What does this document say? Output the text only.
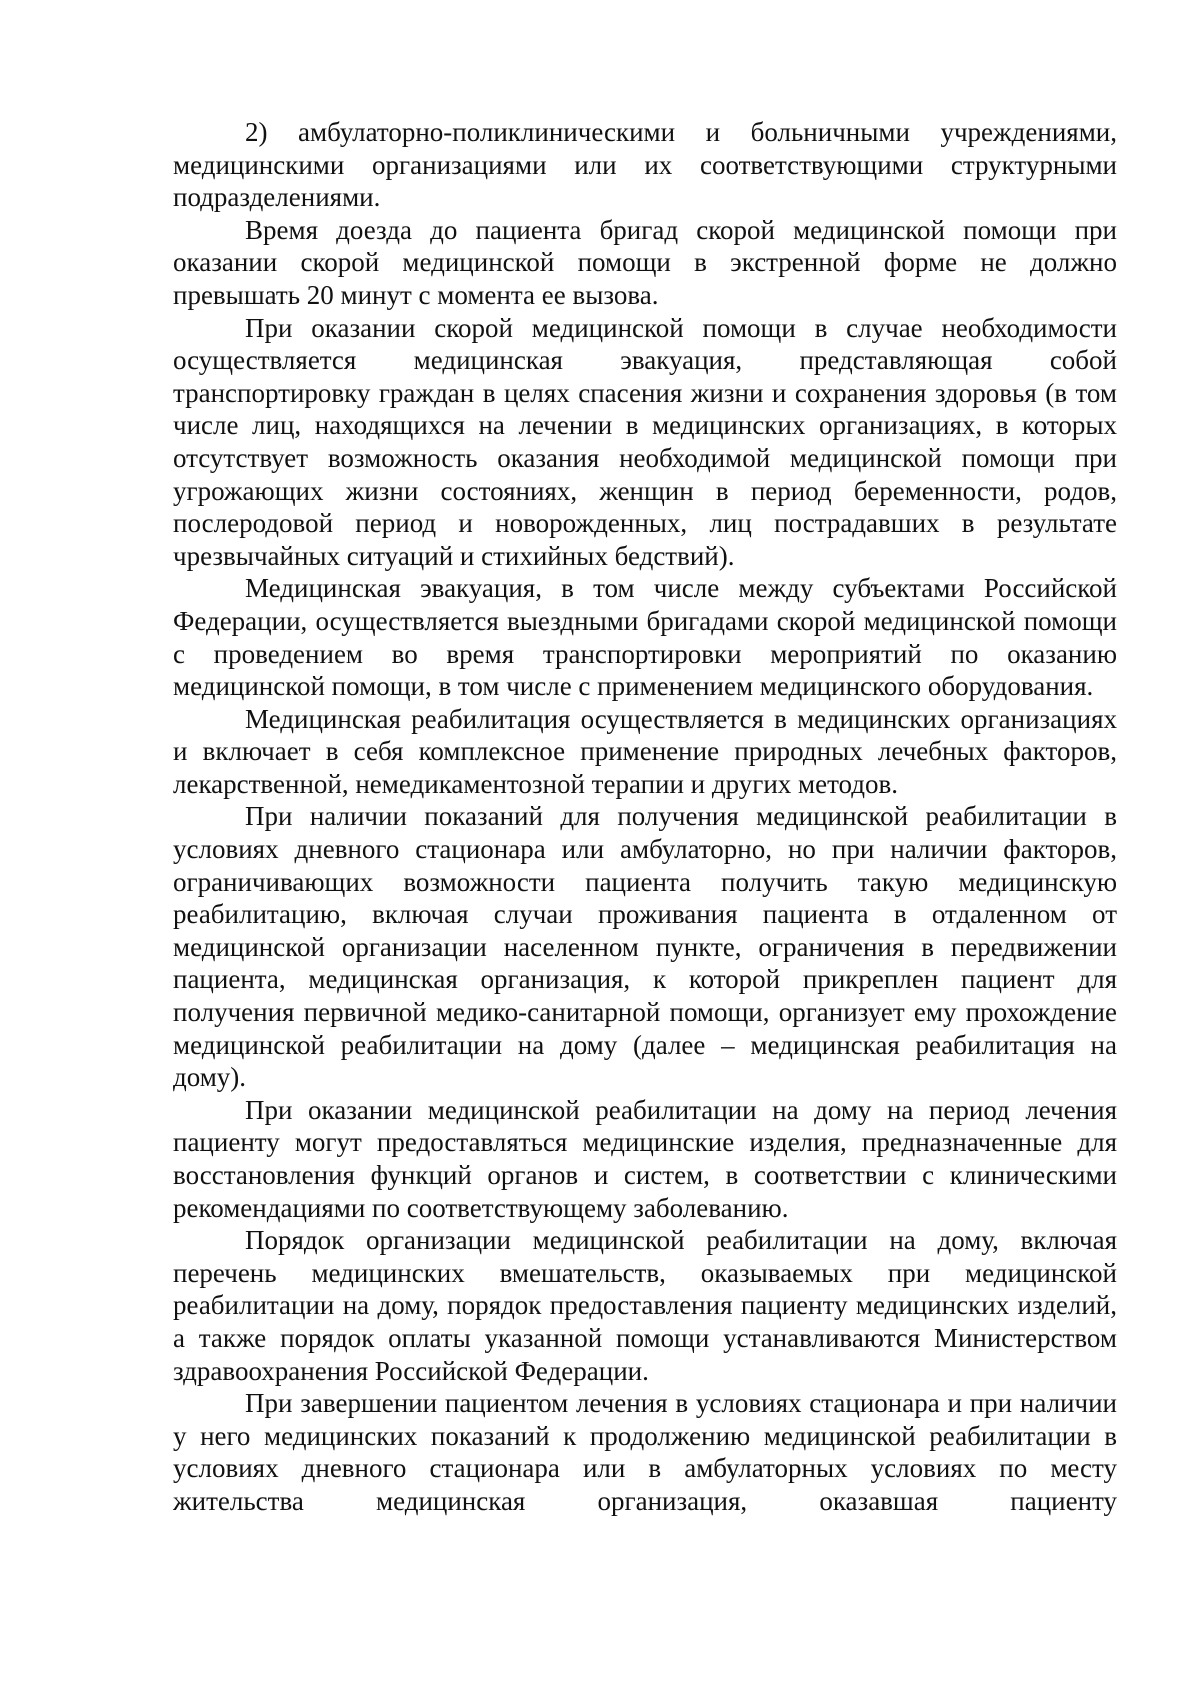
2) амбулаторно-поликлиническими и больничными учреждениями, медицинскими организациями или их соответствующими структурными подразделениями.

Время доезда до пациента бригад скорой медицинской помощи при оказании скорой медицинской помощи в экстренной форме не должно превышать 20 минут с момента ее вызова.

При оказании скорой медицинской помощи в случае необходимости осуществляется медицинская эвакуация, представляющая собой транспортировку граждан в целях спасения жизни и сохранения здоровья (в том числе лиц, находящихся на лечении в медицинских организациях, в которых отсутствует возможность оказания необходимой медицинской помощи при угрожающих жизни состояниях, женщин в период беременности, родов, послеродовой период и новорожденных, лиц пострадавших в результате чрезвычайных ситуаций и стихийных бедствий).

Медицинская эвакуация, в том числе между субъектами Российской Федерации, осуществляется выездными бригадами скорой медицинской помощи с проведением во время транспортировки мероприятий по оказанию медицинской помощи, в том числе с применением медицинского оборудования.

Медицинская реабилитация осуществляется в медицинских организациях и включает в себя комплексное применение природных лечебных факторов, лекарственной, немедикаментозной терапии и других методов.

При наличии показаний для получения медицинской реабилитации в условиях дневного стационара или амбулаторно, но при наличии факторов, ограничивающих возможности пациента получить такую медицинскую реабилитацию, включая случаи проживания пациента в отдаленном от медицинской организации населенном пункте, ограничения в передвижении пациента, медицинская организация, к которой прикреплен пациент для получения первичной медико-санитарной помощи, организует ему прохождение медицинской реабилитации на дому (далее – медицинская реабилитация на дому).

При оказании медицинской реабилитации на дому на период лечения пациенту могут предоставляться медицинские изделия, предназначенные для восстановления функций органов и систем, в соответствии с клиническими рекомендациями по соответствующему заболеванию.

Порядок организации медицинской реабилитации на дому, включая перечень медицинских вмешательств, оказываемых при медицинской реабилитации на дому, порядок предоставления пациенту медицинских изделий, а также порядок оплаты указанной помощи устанавливаются Министерством здравоохранения Российской Федерации.

При завершении пациентом лечения в условиях стационара и при наличии у него медицинских показаний к продолжению медицинской реабилитации в условиях дневного стационара или в амбулаторных условиях по месту жительства медицинская организация, оказавшая пациенту
